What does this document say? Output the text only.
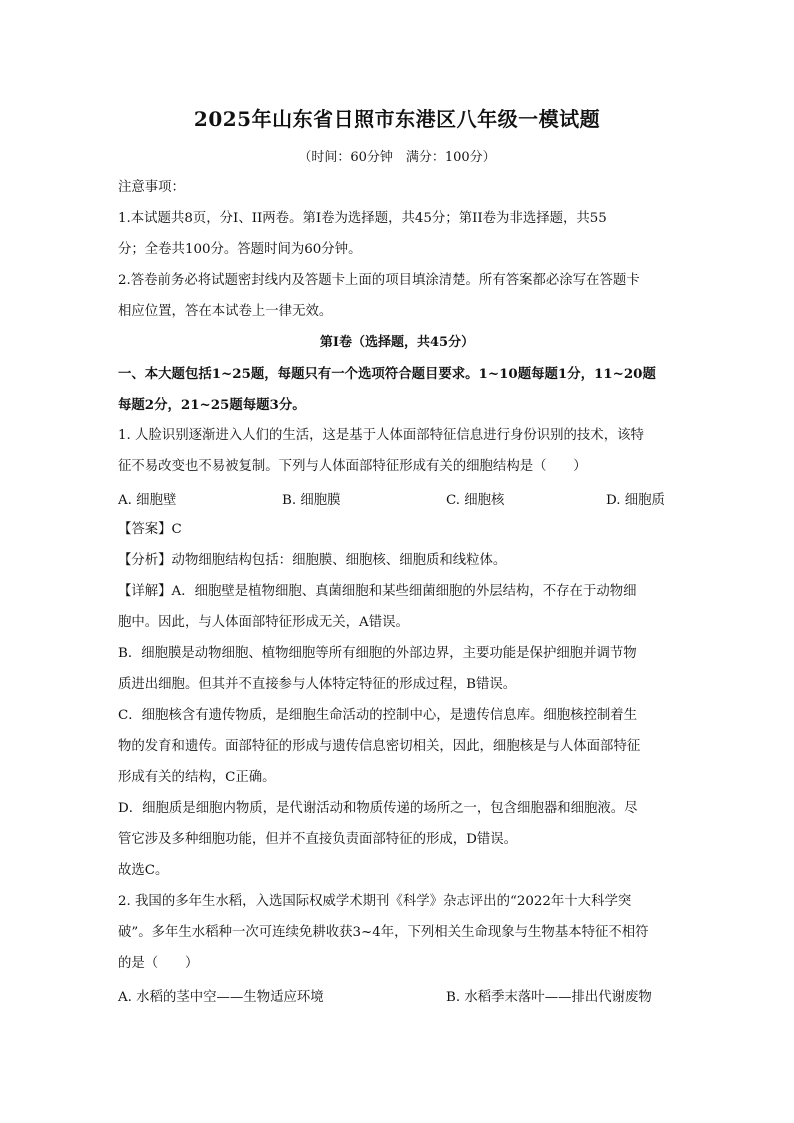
2025年山东省日照市东港区八年级一模试题
（时间：60分钟　满分：100分）
注意事项：
1.本试题共8页，分I、II两卷。第I卷为选择题，共45分；第II卷为非选择题，共55
分；全卷共100分。答题时间为60分钟。
2.答卷前务必将试题密封线内及答题卡上面的项目填涂清楚。所有答案都必涂写在答题卡
相应位置，答在本试卷上一律无效。
第I卷（选择题，共45分）
一、本大题包括1~25题，每题只有一个选项符合题目要求。1~10题每题1分，11~20题
每题2分，21~25题每题3分。
1. 人脸识别逐渐进入人们的生活，这是基于人体面部特征信息进行身份识别的技术，该特
征不易改变也不易被复制。下列与人体面部特征形成有关的细胞结构是（　　）
A. 细胞壁	B. 细胞膜	C. 细胞核	D. 细胞质
【答案】C
【分析】动物细胞结构包括：细胞膜、细胞核、细胞质和线粒体。
【详解】A．细胞壁是植物细胞、真菌细胞和某些细菌细胞的外层结构，不存在于动物细
胞中。因此，与人体面部特征形成无关，A错误。
B．细胞膜是动物细胞、植物细胞等所有细胞的外部边界，主要功能是保护细胞并调节物
质进出细胞。但其并不直接参与人体特定特征的形成过程，B错误。
C．细胞核含有遗传物质，是细胞生命活动的控制中心，是遗传信息库。细胞核控制着生
物的发育和遗传。面部特征的形成与遗传信息密切相关，因此，细胞核是与人体面部特征
形成有关的结构，C正确。
D．细胞质是细胞内物质，是代谢活动和物质传递的场所之一，包含细胞器和细胞液。尽
管它涉及多种细胞功能，但并不直接负责面部特征的形成，D错误。
故选C。
2. 我国的多年生水稻，入选国际权威学术期刊《科学》杂志评出的“2022年十大科学突
破”。多年生水稻种一次可连续免耕收获3~4年，下列相关生命现象与生物基本特征不相符
的是（　　）
A. 水稻的茎中空——生物适应环境	B. 水稻季末落叶——排出代谢废物
